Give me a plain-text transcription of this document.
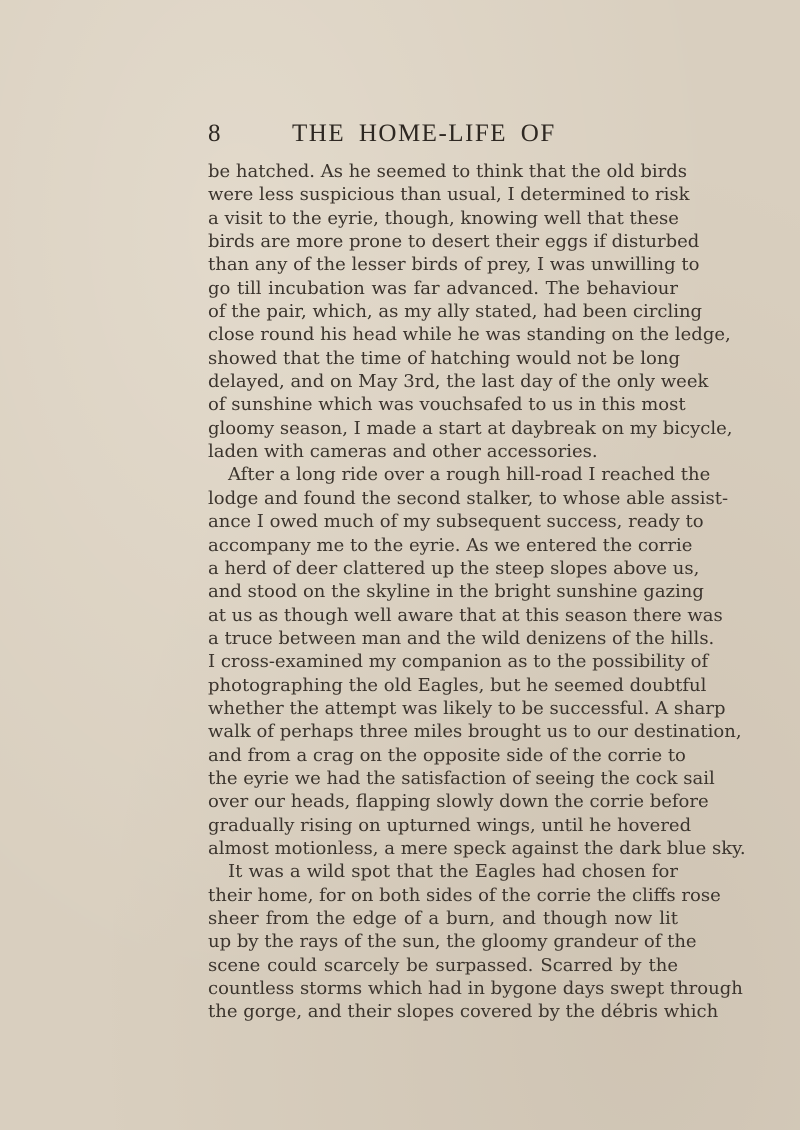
8	THE HOME-LIFE OF
be hatched. As he seemed to think that the old birds
were less suspicious than usual, I determined to risk
a visit to the eyrie, though, knowing well that these
birds are more prone to desert their eggs if disturbed
than any of the lesser birds of prey, I was unwilling to
go till incubation was far advanced. The behaviour
of the pair, which, as my ally stated, had been circling
close round his head while he was standing on the ledge,
showed that the time of hatching would not be long
delayed, and on May 3rd, the last day of the only week
of sunshine which was vouchsafed to us in this most
gloomy season, I made a start at daybreak on my bicycle,
laden with cameras and other accessories.
After a long ride over a rough hill-road I reached the
lodge and found the second stalker, to whose able assist-
ance I owed much of my subsequent success, ready to
accompany me to the eyrie. As we entered the corrie
a herd of deer clattered up the steep slopes above us,
and stood on the skyline in the bright sunshine gazing
at us as though well aware that at this season there was
a truce between man and the wild denizens of the hills.
I cross-examined my companion as to the possibility of
photographing the old Eagles, but he seemed doubtful
whether the attempt was likely to be successful. A sharp
walk of perhaps three miles brought us to our destination,
and from a crag on the opposite side of the corrie to
the eyrie we had the satisfaction of seeing the cock sail
over our heads, flapping slowly down the corrie before
gradually rising on upturned wings, until he hovered
almost motionless, a mere speck against the dark blue sky.
It was a wild spot that the Eagles had chosen for
their home, for on both sides of the corrie the cliffs rose
sheer from the edge of a burn, and though now lit
up by the rays of the sun, the gloomy grandeur of the
scene could scarcely be surpassed. Scarred by the
countless storms which had in bygone days swept through
the gorge, and their slopes covered by the débris which
